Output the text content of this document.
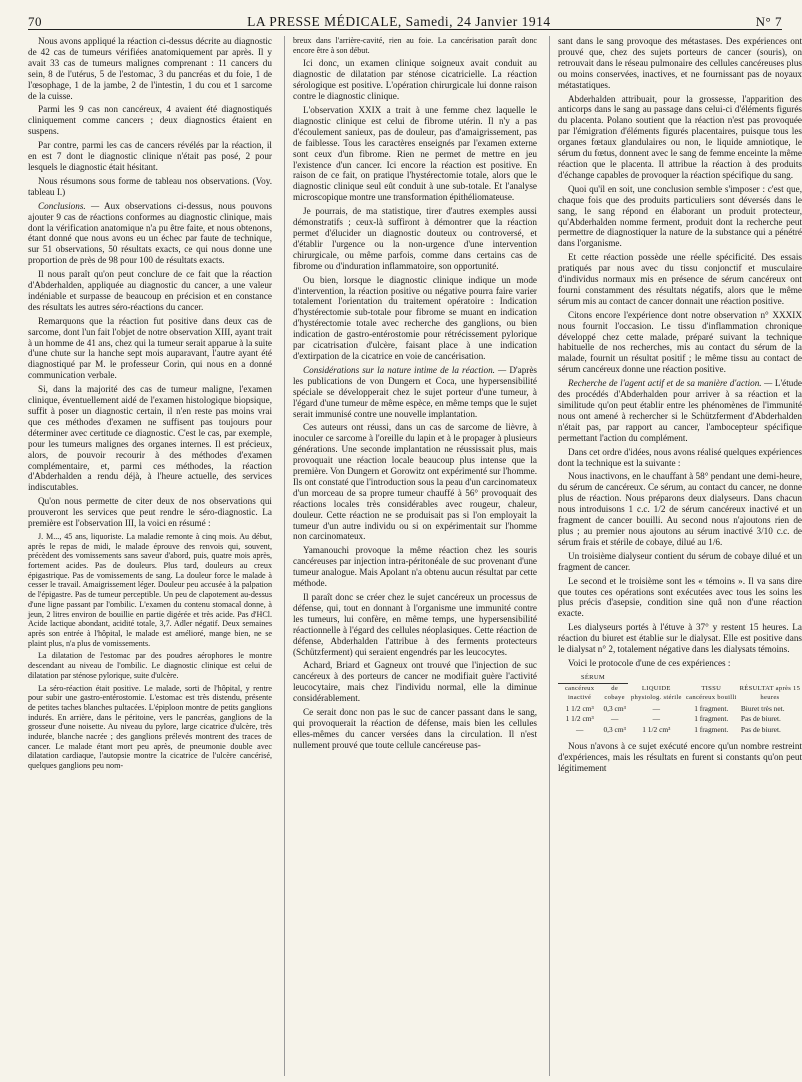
70	LA PRESSE MÉDICALE, Samedi, 24 Janvier 1914	N° 7

Nous avons appliqué la réaction ci-dessus décrite au diagnostic de 42 cas de tumeurs vérifiées anatomiquement par après. Il y avait 33 cas de tumeurs malignes comprenant : 11 cancers du sein, 8 de l'utérus, 5 de l'estomac, 3 du pancréas et du foie, 1 de l'œsophage, 1 de la jambe, 2 de l'intestin, 1 du cou et 1 sarcome de la cuisse.

Parmi les 9 cas non cancéreux, 4 avaient été diagnostiqués cliniquement comme cancers ; deux diagnostics étaient en suspens.

Par contre, parmi les cas de cancers révélés par la réaction, il en est 7 dont le diagnostic clinique n'était pas posé, 2 pour lesquels le diagnostic était hésitant.

Nous résumons sous forme de tableau nos observations. (Voy. tableau I.)

Conclusions. — Aux observations ci-dessus, nous pouvons ajouter 9 cas de réactions conformes au diagnostic clinique, mais dont la vérification anatomique n'a pu être faite, et nous obtenons, étant donné que nous avons eu un échec par faute de technique, sur 51 observations, 50 résultats exacts, ce qui nous donne une proportion de près de 98 pour 100 de résultats exacts.

Il nous paraît qu'on peut conclure de ce fait que la réaction d'Abderhalden, appliquée au diagnostic du cancer, a une valeur indéniable et surpasse de beaucoup en précision et en constance des résultats les autres séro-réactions du cancer.

Remarquons que la réaction fut positive dans deux cas de sarcome, dont l'un fait l'objet de notre observation XIII, ayant trait à un homme de 41 ans, chez qui la tumeur serait apparue à la suite d'une chute sur la hanche sept mois auparavant, l'autre ayant été diagnostiqué par M. le professeur Corin, qui nous en a donné communication verbale.

Si, dans la majorité des cas de tumeur maligne, l'examen clinique, éventuellement aidé de l'examen histologique biopsique, suffit à poser un diagnostic certain, il n'en reste pas moins vrai que ces méthodes d'examen ne suffisent pas toujours pour déterminer avec certitude ce diagnostic. C'est le cas, par exemple, pour les tumeurs malignes des organes internes. Il est précieux, alors, de pouvoir recourir à des méthodes d'examen complémentaire, et, parmi ces méthodes, la réaction d'Abderhalden a rendu déjà, à l'heure actuelle, des services indiscutables.

Qu'on nous permette de citer deux de nos observations qui prouveront les services que peut rendre le séro-diagnostic. La première est l'observation III, la voici en résumé :

J. M..., 45 ans, liquoriste. La maladie remonte à cinq mois. Au début, après le repas de midi, le malade éprouve des renvois qui, souvent, précèdent des vomissements sans saveur d'abord, puis, quatre mois après, fortement acides. Pas de douleurs. Plus tard, douleurs au creux épigastrique. Pas de vomissements de sang. La douleur force le malade à cesser le travail. Amaigrissement léger. Douleur peu accusée à la palpation de l'épigastre. Pas de tumeur perceptible. Un peu de clapotement au-dessus d'une ligne passant par l'ombilic. L'examen du contenu stomacal donne, à jeun, 2 litres environ de bouillie en partie digérée et très acide. Pas d'HCl. Acide lactique abondant, acidité totale, 3,7. Adler négatif. Deux semaines après son entrée à l'hôpital, le malade est amélioré, mange bien, ne se plaint plus, n'a plus de vomissements.

La dilatation de l'estomac par des poudres aérophores le montre descendant au niveau de l'ombilic. Le diagnostic clinique est celui de dilatation par sténose pylorique, suite d'ulcère.

La séro-réaction était positive. Le malade, sorti de l'hôpital, y rentre pour subir une gastro-entérostomie. L'estomac est très distendu, présente de petites taches blanches pultacées. L'épiploon montre de petits ganglions indurés. En arrière, dans le péritoine, vers le pancréas, ganglions de la grosseur d'une noisette. Au niveau du pylore, large cicatrice d'ulcère, très indurée, blanche nacrée ; des ganglions prélevés montrent des traces de cancer. Le malade étant mort peu après, de pneumonie double avec dilatation cardiaque, l'autopsie montre la cicatrice de l'ulcère cancérisé, quelques ganglions peu nom-

breux dans l'arrière-cavité, rien au foie. La cancérisation paraît donc encore être à son début.

Ici donc, un examen clinique soigneux avait conduit au diagnostic de dilatation par sténose cicatricielle. La réaction sérologique est positive. L'opération chirurgicale lui donne raison contre le diagnostic clinique.

L'observation XXIX a trait à une femme chez laquelle le diagnostic clinique est celui de fibrome utérin. Il n'y a pas d'écoulement sanieux, pas de douleur, pas d'amaigrissement, pas de faiblesse. Tous les caractères enseignés par l'examen externe sont ceux d'un fibrome. Rien ne permet de mettre en jeu l'existence d'un cancer. Ici encore la réaction est positive. En raison de ce fait, on pratique l'hystérectomie totale, alors que le diagnostic clinique seul eût conduit à une sub-totale. Et l'analyse microscopique montre une transformation épithéliomateuse.

Je pourrais, de ma statistique, tirer d'autres exemples aussi démonstratifs ; ceux-là suffiront à démontrer que la réaction permet d'élucider un diagnostic douteux ou controversé, et d'établir l'urgence ou la non-urgence d'une intervention chirurgicale, ou même parfois, comme dans certains cas de fibrome ou d'induration inflammatoire, son opportunité.

Ou bien, lorsque le diagnostic clinique indique un mode d'intervention, la réaction positive ou négative pourra faire varier totalement l'orientation du traitement opératoire : Indication d'hystérectomie sub-totale pour fibrome se muant en indication d'hystérectomie totale avec recherche des ganglions, ou bien indication de gastro-entérostomie pour rétrécissement pylorique par cicatrisation d'ulcère, faisant place à une indication d'extirpation de la cicatrice en voie de cancérisation.

Considérations sur la nature intime de la réaction. — D'après les publications de von Dungern et Coca, une hypersensibilité spéciale se développerait chez le sujet porteur d'une tumeur, à l'égard d'une tumeur de même espèce, en même temps que le sujet serait immunisé contre une nouvelle implantation.

Ces auteurs ont réussi, dans un cas de sarcome de lièvre, à inoculer ce sarcome à l'oreille du lapin et à le propager à plusieurs générations. Une seconde implantation ne réussissait plus, mais provoquait une réaction locale beaucoup plus intense que la première. Von Dungern et Gorowitz ont expérimenté sur l'homme. Ils ont constaté que l'introduction sous la peau d'un carcinomateux d'un morceau de sa propre tumeur chauffé à 56° provoquait des réactions locales très considérables avec rougeur, chaleur, douleur. Cette réaction ne se produisait pas si l'on employait la tumeur d'un autre individu ou si on expérimentait sur l'homme non carcinomateux.

Yamanouchi provoque la même réaction chez les souris cancéreuses par injection intra-péritonéale de suc provenant d'une tumeur analogue. Mais Apolant n'a obtenu aucun résultat par cette méthode.

Il paraît donc se créer chez le sujet cancéreux un processus de défense, qui, tout en donnant à l'organisme une immunité contre les tumeurs, lui confère, en même temps, une hypersensibilité réactionnelle à l'égard des cellules néoplasiques. Cette réaction de défense, Abderhalden l'attribue à des ferments protecteurs (Schützferment) qui seraient engendrés par les leucocytes.

Achard, Briard et Gagneux ont trouvé que l'injection de suc cancéreux à des porteurs de cancer ne modifiait guère l'activité leucocytaire, mais chez l'individu normal, elle la diminue considérablement.

Ce serait donc non pas le suc de cancer passant dans le sang, qui provoquerait la réaction de défense, mais bien les cellules elles-mêmes du cancer versées dans la circulation. Il n'est nullement prouvé que toute cellule cancéreuse pas-

sant dans le sang provoque des métastases. Des expériences ont prouvé que, chez des sujets porteurs de cancer (souris), on retrouvait dans le réseau pulmonaire des cellules cancéreuses plus ou moins conservées, inactives, et ne fournissant pas de noyaux métastatiques.

Abderhalden attribuait, pour la grossesse, l'apparition des anticorps dans le sang au passage dans celui-ci d'éléments figurés du placenta. Polano soutient que la réaction n'est pas provoquée par l'émigration d'éléments figurés placentaires, puisque tous les organes fœtaux glandulaires ou non, le liquide amniotique, le sérum du fœtus, donnent avec le sang de femme enceinte la même réaction que le placenta. Il attribue la réaction à des produits d'échange capables de provoquer la réaction spécifique du sang.

Quoi qu'il en soit, une conclusion semble s'imposer : c'est que, chaque fois que des produits particuliers sont déversés dans le sang, le sang répond en élaborant un produit protecteur, qu'Abderhalden nomme ferment, produit dont la recherche peut permettre de diagnostiquer la nature de la substance qui a pénétré dans l'organisme.

Et cette réaction possède une réelle spécificité. Des essais pratiqués par nous avec du tissu conjonctif et musculaire d'individus normaux mis en présence de sérum cancéreux ont fourni constamment des résultats négatifs, alors que le même sérum mis au contact de cancer donnait une réaction positive.

Citons encore l'expérience dont notre observation n° XXXIX nous fournit l'occasion. Le tissu d'inflammation chronique développé chez cette malade, préparé suivant la technique habituelle de nos recherches, mis au contact du sérum de la malade, fournit un résultat positif ; le même tissu au contact de sérum cancéreux donne une réaction positive.

Recherche de l'agent actif et de sa manière d'action. — L'étude des procédés d'Abderhalden pour arriver à sa réaction et la similitude qu'on peut établir entre les phénomènes de l'immunité nous ont amené à rechercher si le Schützferment d'Abderhalden n'était pas, par rapport au cancer, l'ambocepteur spécifique permettant l'action du complément.

Dans cet ordre d'idées, nous avons réalisé quelques expériences dont la technique est la suivante :

Nous inactivons, en le chauffant à 58° pendant une demi-heure, du sérum de cancéreux. Ce sérum, au contact du cancer, ne donne plus de réaction. Nous préparons deux dialyseurs. Dans chacun nous introduisons 1 c.c. 1/2 de sérum cancéreux inactivé et un fragment de cancer bouilli. Au second nous n'ajoutons rien de plus ; au premier nous ajoutons au sérum inactivé 3/10 c.c. de sérum frais et stérile de cobaye, dilué au 1/6.

Un troisième dialyseur contient du sérum de cobaye dilué et un fragment de cancer.

Le second et le troisième sont les « témoins ». Il va sans dire que toutes ces opérations sont exécutées avec tous les soins les plus précis d'asepsie, condition sine quâ non d'une réaction exacte.

Les dialyseurs portés à l'étuve à 37° y restent 15 heures. La réaction du biuret est établie sur le dialysat. Elle est positive dans le dialysat n° 2, totalement négative dans les dialysats témoins.

Voici le protocole d'une de ces expériences :

SÉRUM		LIQUIDE physiolog. stérile	TISSU cancéreux bouilli	RÉSULTAT après 15 heures
cancéreux inactivé	de cobaye			
1 1/2 cm³	0,3 cm³	—	1 fragment.	Biuret très net.
1 1/2 cm³	—	—	1 fragment.	Pas de biuret.
—	0,3 cm³	1 1/2 cm³	1 fragment.	Pas de biuret.

Nous n'avons à ce sujet exécuté encore qu'un nombre restreint d'expériences, mais les résultats en furent si constants qu'on peut légitimement
